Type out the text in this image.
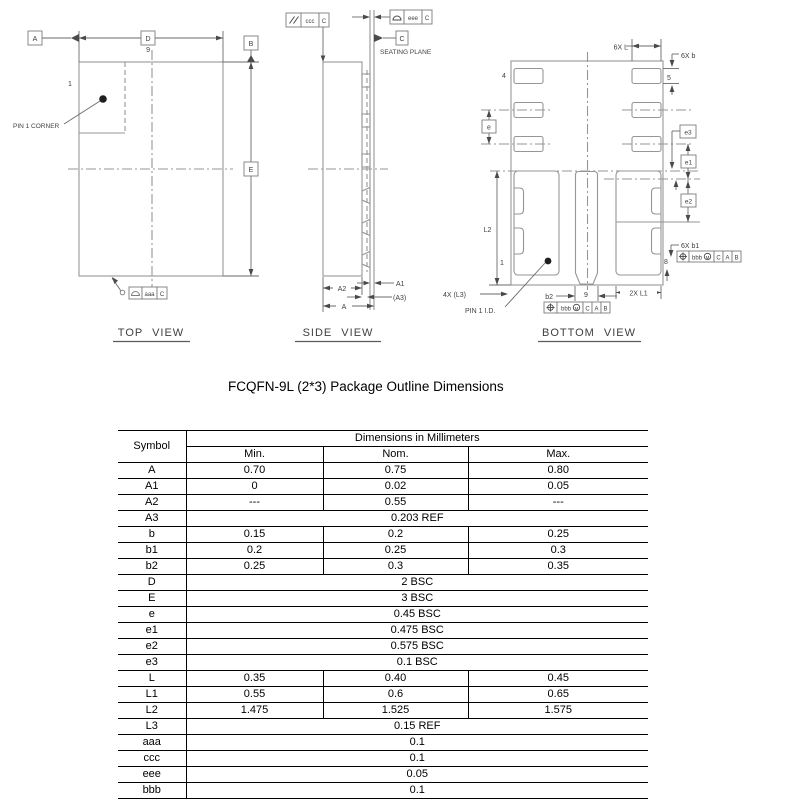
A	D
B
E
9
1
PIN 1 CORNER
aaa C
TOP VIEW
ccc C	eee C
C
SEATING PLANE
A2
A1
(A3)
A
SIDE VIEW
4	5
1	8
9
6X L
6X b
6X b1
e
e3
e1
e2
L2
4X (L3)
PIN 1 I.D.
b2	2X L1
bbb M C A B
bbb M C A B
BOTTOM VIEW
FCQFN-9L (2*3) Package Outline Dimensions
Symbol	Dimensions in Millimeters		
	Min.	Nom.	Max.
A	0.70	0.75	0.80
A1	0	0.02	0.05
A2	---	0.55	---
A3	0.203 REF		
b	0.15	0.2	0.25
b1	0.2	0.25	0.3
b2	0.25	0.3	0.35
D	2 BSC		
E	3 BSC		
e	0.45 BSC		
e1	0.475 BSC		
e2	0.575 BSC		
e3	0.1 BSC		
L	0.35	0.40	0.45
L1	0.55	0.6	0.65
L2	1.475	1.525	1.575
L3	0.15 REF		
aaa	0.1		
ccc	0.1		
eee	0.05		
bbb	0.1		
